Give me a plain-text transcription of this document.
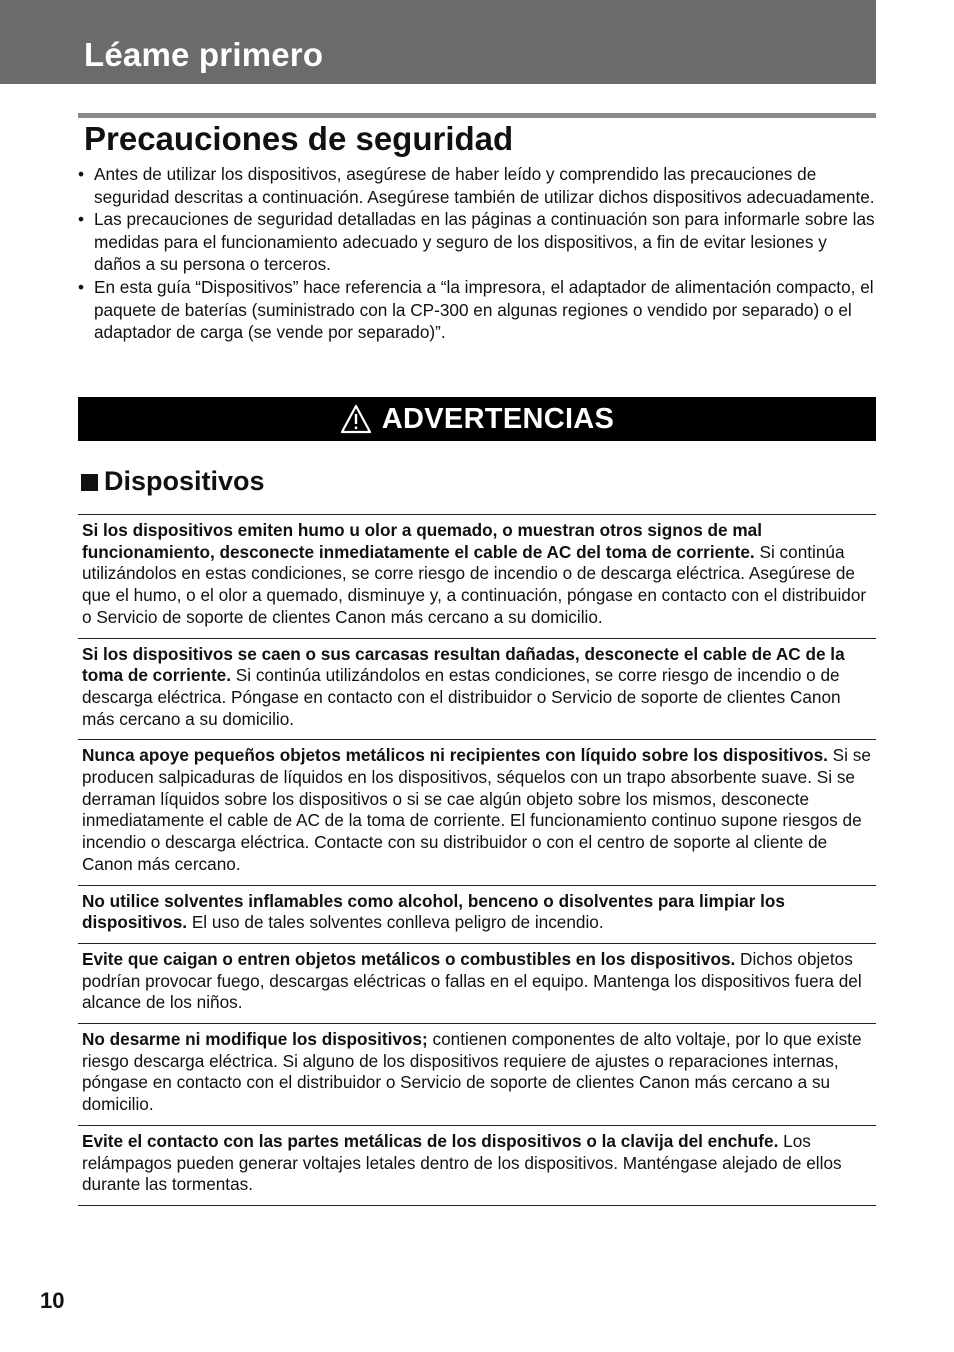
Léame primero
Precauciones de seguridad
• Antes de utilizar los dispositivos, asegúrese de haber leído y comprendido las precauciones de seguridad descritas a continuación. Asegúrese también de utilizar dichos dispositivos adecuadamente.
• Las precauciones de seguridad detalladas en las páginas a continuación son para informarle sobre las medidas para el funcionamiento adecuado y seguro de los dispositivos, a fin de evitar lesiones y daños a su persona o terceros.
• En esta guía “Dispositivos” hace referencia a “la impresora, el adaptador de alimentación compacto, el paquete de baterías (suministrado con la CP-300 en algunas regiones o vendido por separado) o el adaptador de carga (se vende por separado)”.
ADVERTENCIAS
Dispositivos
Si los dispositivos emiten humo u olor a quemado, o muestran otros signos de mal funcionamiento, desconecte inmediatamente el cable de AC del toma de corriente. Si continúa utilizándolos en estas condiciones, se corre riesgo de incendio o de descarga eléctrica. Asegúrese de que el humo, o el olor a quemado, disminuye y, a continuación, póngase en contacto con el distribuidor o Servicio de soporte de clientes Canon más cercano a su domicilio.
Si los dispositivos se caen o sus carcasas resultan dañadas, desconecte el cable de AC de la toma de corriente. Si continúa utilizándolos en estas condiciones, se corre riesgo de incendio o de descarga eléctrica. Póngase en contacto con el distribuidor o Servicio de soporte de clientes Canon más cercano a su domicilio.
Nunca apoye pequeños objetos metálicos ni recipientes con líquido sobre los dispositivos. Si se producen salpicaduras de líquidos en los dispositivos, séquelos con un trapo absorbente suave. Si se derraman líquidos sobre los dispositivos o si se cae algún objeto sobre los mismos, desconecte inmediatamente el cable de AC de la toma de corriente. El funcionamiento continuo supone riesgos de incendio o descarga eléctrica. Contacte con su distribuidor o con el centro de soporte al cliente de Canon más cercano.
No utilice solventes inflamables como alcohol, benceno o disolventes para limpiar los dispositivos. El uso de tales solventes conlleva peligro de incendio.
Evite que caigan o entren objetos metálicos o combustibles en los dispositivos. Dichos objetos podrían provocar fuego, descargas eléctricas o fallas en el equipo. Mantenga los dispositivos fuera del alcance de los niños.
No desarme ni modifique los dispositivos; contienen componentes de alto voltaje, por lo que existe riesgo descarga eléctrica. Si alguno de los dispositivos requiere de ajustes o reparaciones internas, póngase en contacto con el distribuidor o Servicio de soporte de clientes Canon más cercano a su domicilio.
Evite el contacto con las partes metálicas de los dispositivos o la clavija del enchufe. Los relámpagos pueden generar voltajes letales dentro de los dispositivos. Manténgase alejado de ellos durante las tormentas.
10
